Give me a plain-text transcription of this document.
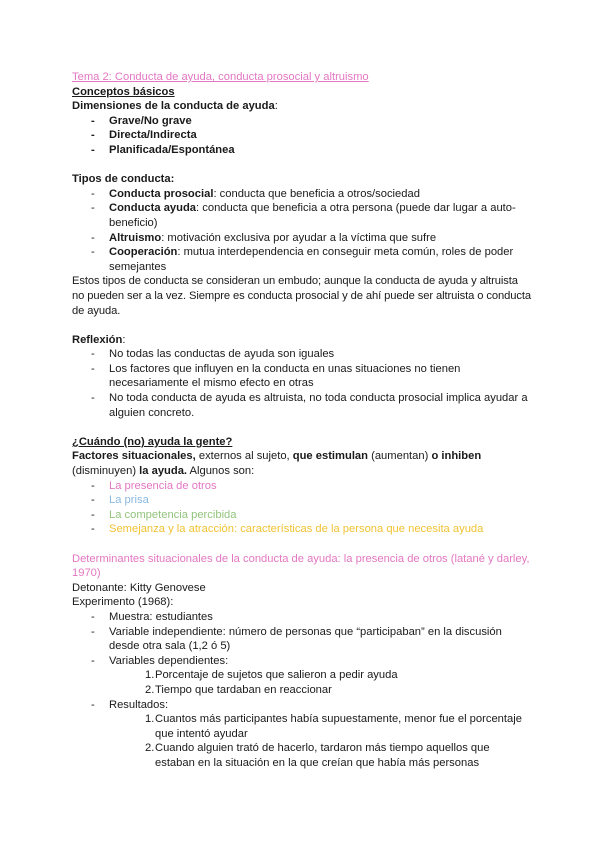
Tema 2: Conducta de ayuda, conducta prosocial y altruismo

Conceptos básicos

Dimensiones de la conducta de ayuda:

- Grave/No grave
- Directa/Indirecta
- Planificada/Espontánea

Tipos de conducta:

- Conducta prosocial: conducta que beneficia a otros/sociedad
- Conducta ayuda: conducta que beneficia a otra persona (puede dar lugar a auto-beneficio)
- Altruismo: motivación exclusiva por ayudar a la víctima que sufre
- Cooperación: mutua interdependencia en conseguir meta común, roles de poder semejantes

Estos tipos de conducta se consideran un embudo; aunque la conducta de ayuda y altruista no pueden ser a la vez. Siempre es conducta prosocial y de ahí puede ser altruista o conducta de ayuda.

Reflexión:

- No todas las conductas de ayuda son iguales
- Los factores que influyen en la conducta en unas situaciones no tienen necesariamente el mismo efecto en otras
- No toda conducta de ayuda es altruista, no toda conducta prosocial implica ayudar a alguien concreto.

¿Cuándo (no) ayuda la gente?

Factores situacionales, externos al sujeto, que estimulan (aumentan) o inhiben (disminuyen) la ayuda. Algunos son:

- La presencia de otros
- La prisa
- La competencia percibida
- Semejanza y la atracción: características de la persona que necesita ayuda

Determinantes situacionales de la conducta de ayuda: la presencia de otros (latané y darley, 1970)

Detonante: Kitty Genovese

Experimento (1968):

- Muestra: estudiantes
- Variable independiente: número de personas que “participaban” en la discusión desde otra sala (1,2 ó 5)
- Variables dependientes:
1. Porcentaje de sujetos que salieron a pedir ayuda
2. Tiempo que tardaban en reaccionar
- Resultados:
1. Cuantos más participantes había supuestamente, menor fue el porcentaje que intentó ayudar
2. Cuando alguien trató de hacerlo, tardaron más tiempo aquellos que estaban en la situación en la que creían que había más personas
